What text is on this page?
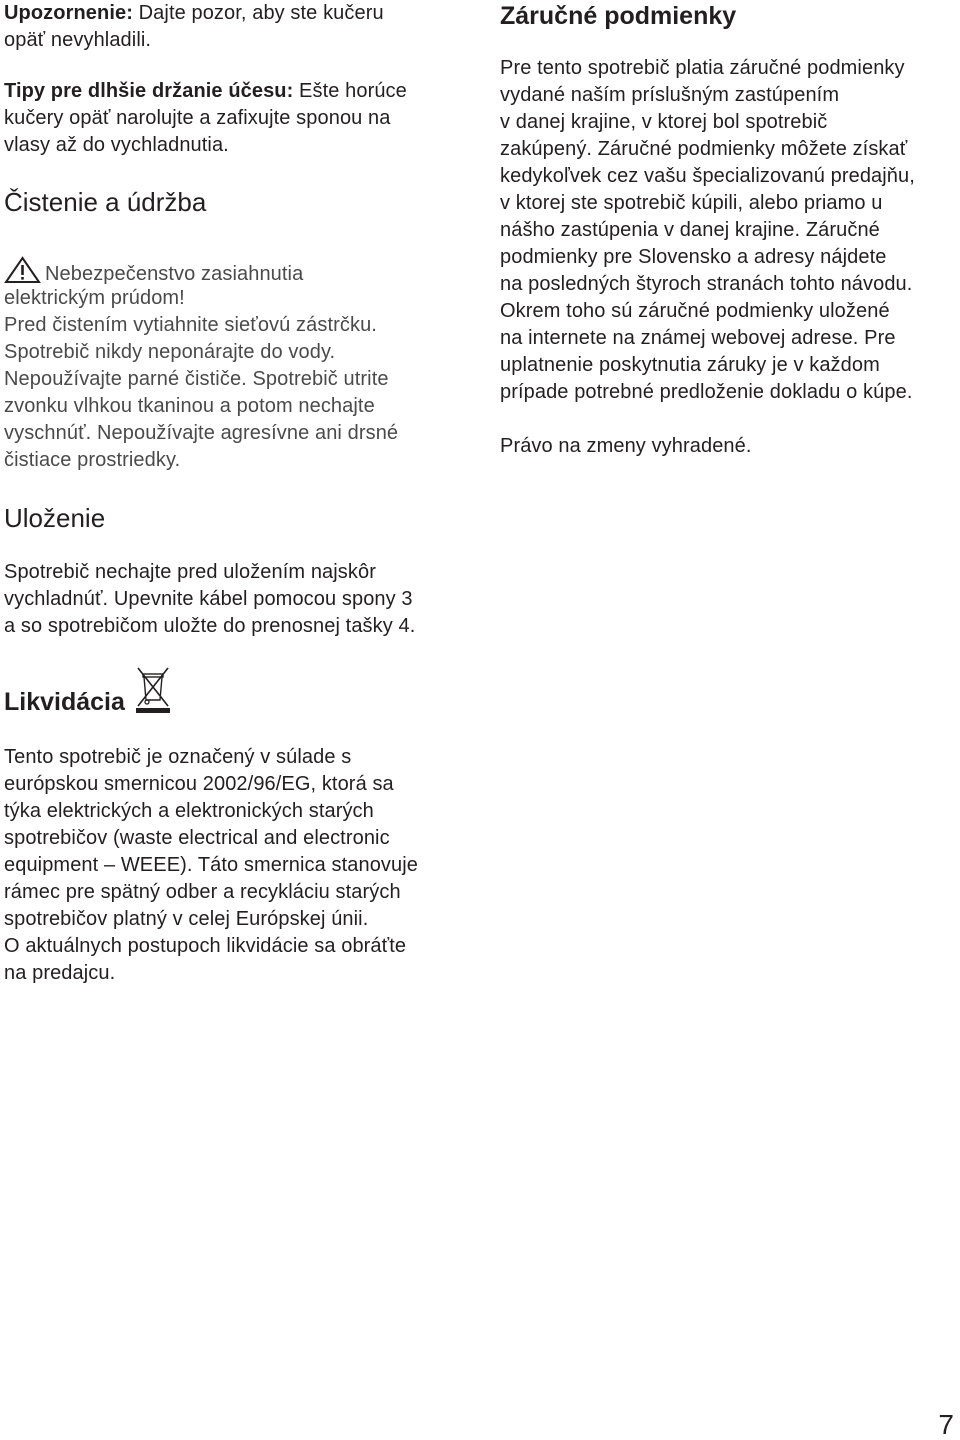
Upozornenie: Dajte pozor, aby ste kučeru
opäť nevyhladili.
Tipy pre dlhšie držanie účesu: Ešte horúce
kučery opäť narolujte a zafixujte sponou na
vlasy až do vychladnutia.
Čistenie a údržba
Nebezpečenstvo zasiahnutia
elektrickým prúdom!
Pred čistením vytiahnite sieťovú zástrčku.
Spotrebič nikdy neponárajte do vody.
Nepoužívajte parné čističe. Spotrebič utrite
zvonku vlhkou tkaninou a potom nechajte
vyschnúť. Nepoužívajte agresívne ani drsné
čistiace prostriedky.
Uloženie
Spotrebič nechajte pred uložením najskôr
vychladnúť. Upevnite kábel pomocou spony 3
a so spotrebičom uložte do prenosnej tašky 4.
Likvidácia
Tento spotrebič je označený v súlade s
európskou smernicou 2002/96/EG, ktorá sa
týka elektrických a elektronických starých
spotrebičov (waste electrical and electronic
equipment – WEEE). Táto smernica stanovuje
rámec pre spätný odber a recykláciu starých
spotrebičov platný v celej Európskej únii.
O aktuálnych postupoch likvidácie sa obráťte
na predajcu.
Záručné podmienky
Pre tento spotrebič platia záručné podmienky
vydané naším príslušným zastúpením
v danej krajine, v ktorej bol spotrebič
zakúpený. Záručné podmienky môžete získať
kedykoľvek cez vašu špecializovanú predajňu,
v ktorej ste spotrebič kúpili, alebo priamo u
nášho zastúpenia v danej krajine. Záručné
podmienky pre Slovensko a adresy nájdete
na posledných štyroch stranách tohto návodu.
Okrem toho sú záručné podmienky uložené
na internete na známej webovej adrese. Pre
uplatnenie poskytnutia záruky je v každom
prípade potrebné predloženie dokladu o kúpe.
Právo na zmeny vyhradené.
7
